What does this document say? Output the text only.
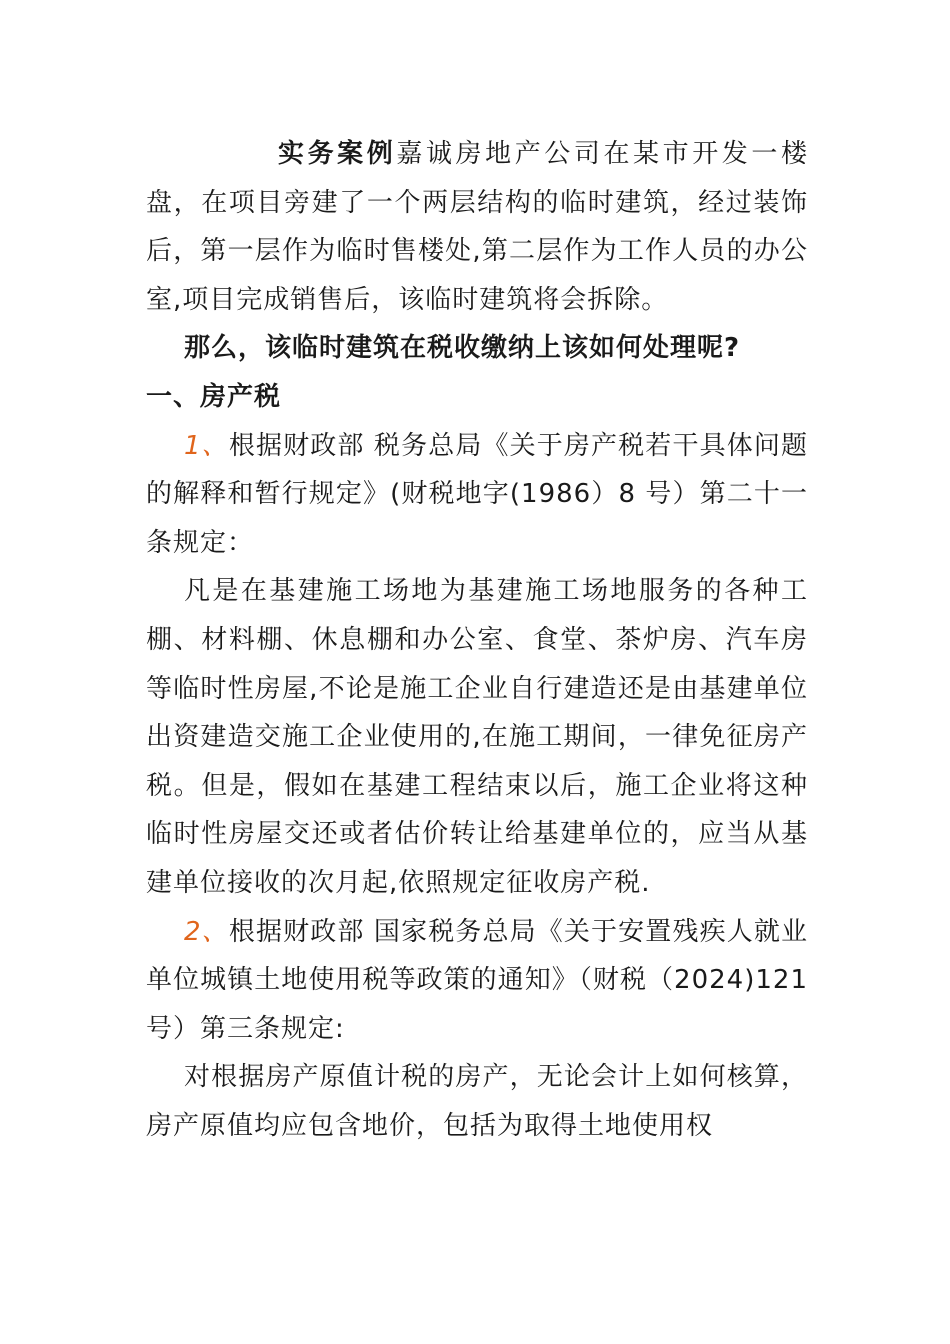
实务案例嘉诚房地产公司在某市开发一楼盘，在项目旁建了一个两层结构的临时建筑，经过装饰后，第一层作为临时售楼处,第二层作为工作人员的办公室,项目完成销售后，该临时建筑将会拆除。

那么，该临时建筑在税收缴纳上该如何处理呢?

一、房产税

1、根据财政部 税务总局《关于房产税若干具体问题的解释和暂行规定》(财税地字(1986）8 号）第二十一条规定：

凡是在基建施工场地为基建施工场地服务的各种工棚、材料棚、休息棚和办公室、食堂、茶炉房、汽车房等临时性房屋,不论是施工企业自行建造还是由基建单位出资建造交施工企业使用的,在施工期间，一律免征房产税。但是，假如在基建工程结束以后，施工企业将这种临时性房屋交还或者估价转让给基建单位的，应当从基建单位接收的次月起,依照规定征收房产税.

2、根据财政部 国家税务总局《关于安置残疾人就业单位城镇土地使用税等政策的通知》（财税（2024)121 号）第三条规定:

对根据房产原值计税的房产，无论会计上如何核算，房产原值均应包含地价，包括为取得土地使用权
